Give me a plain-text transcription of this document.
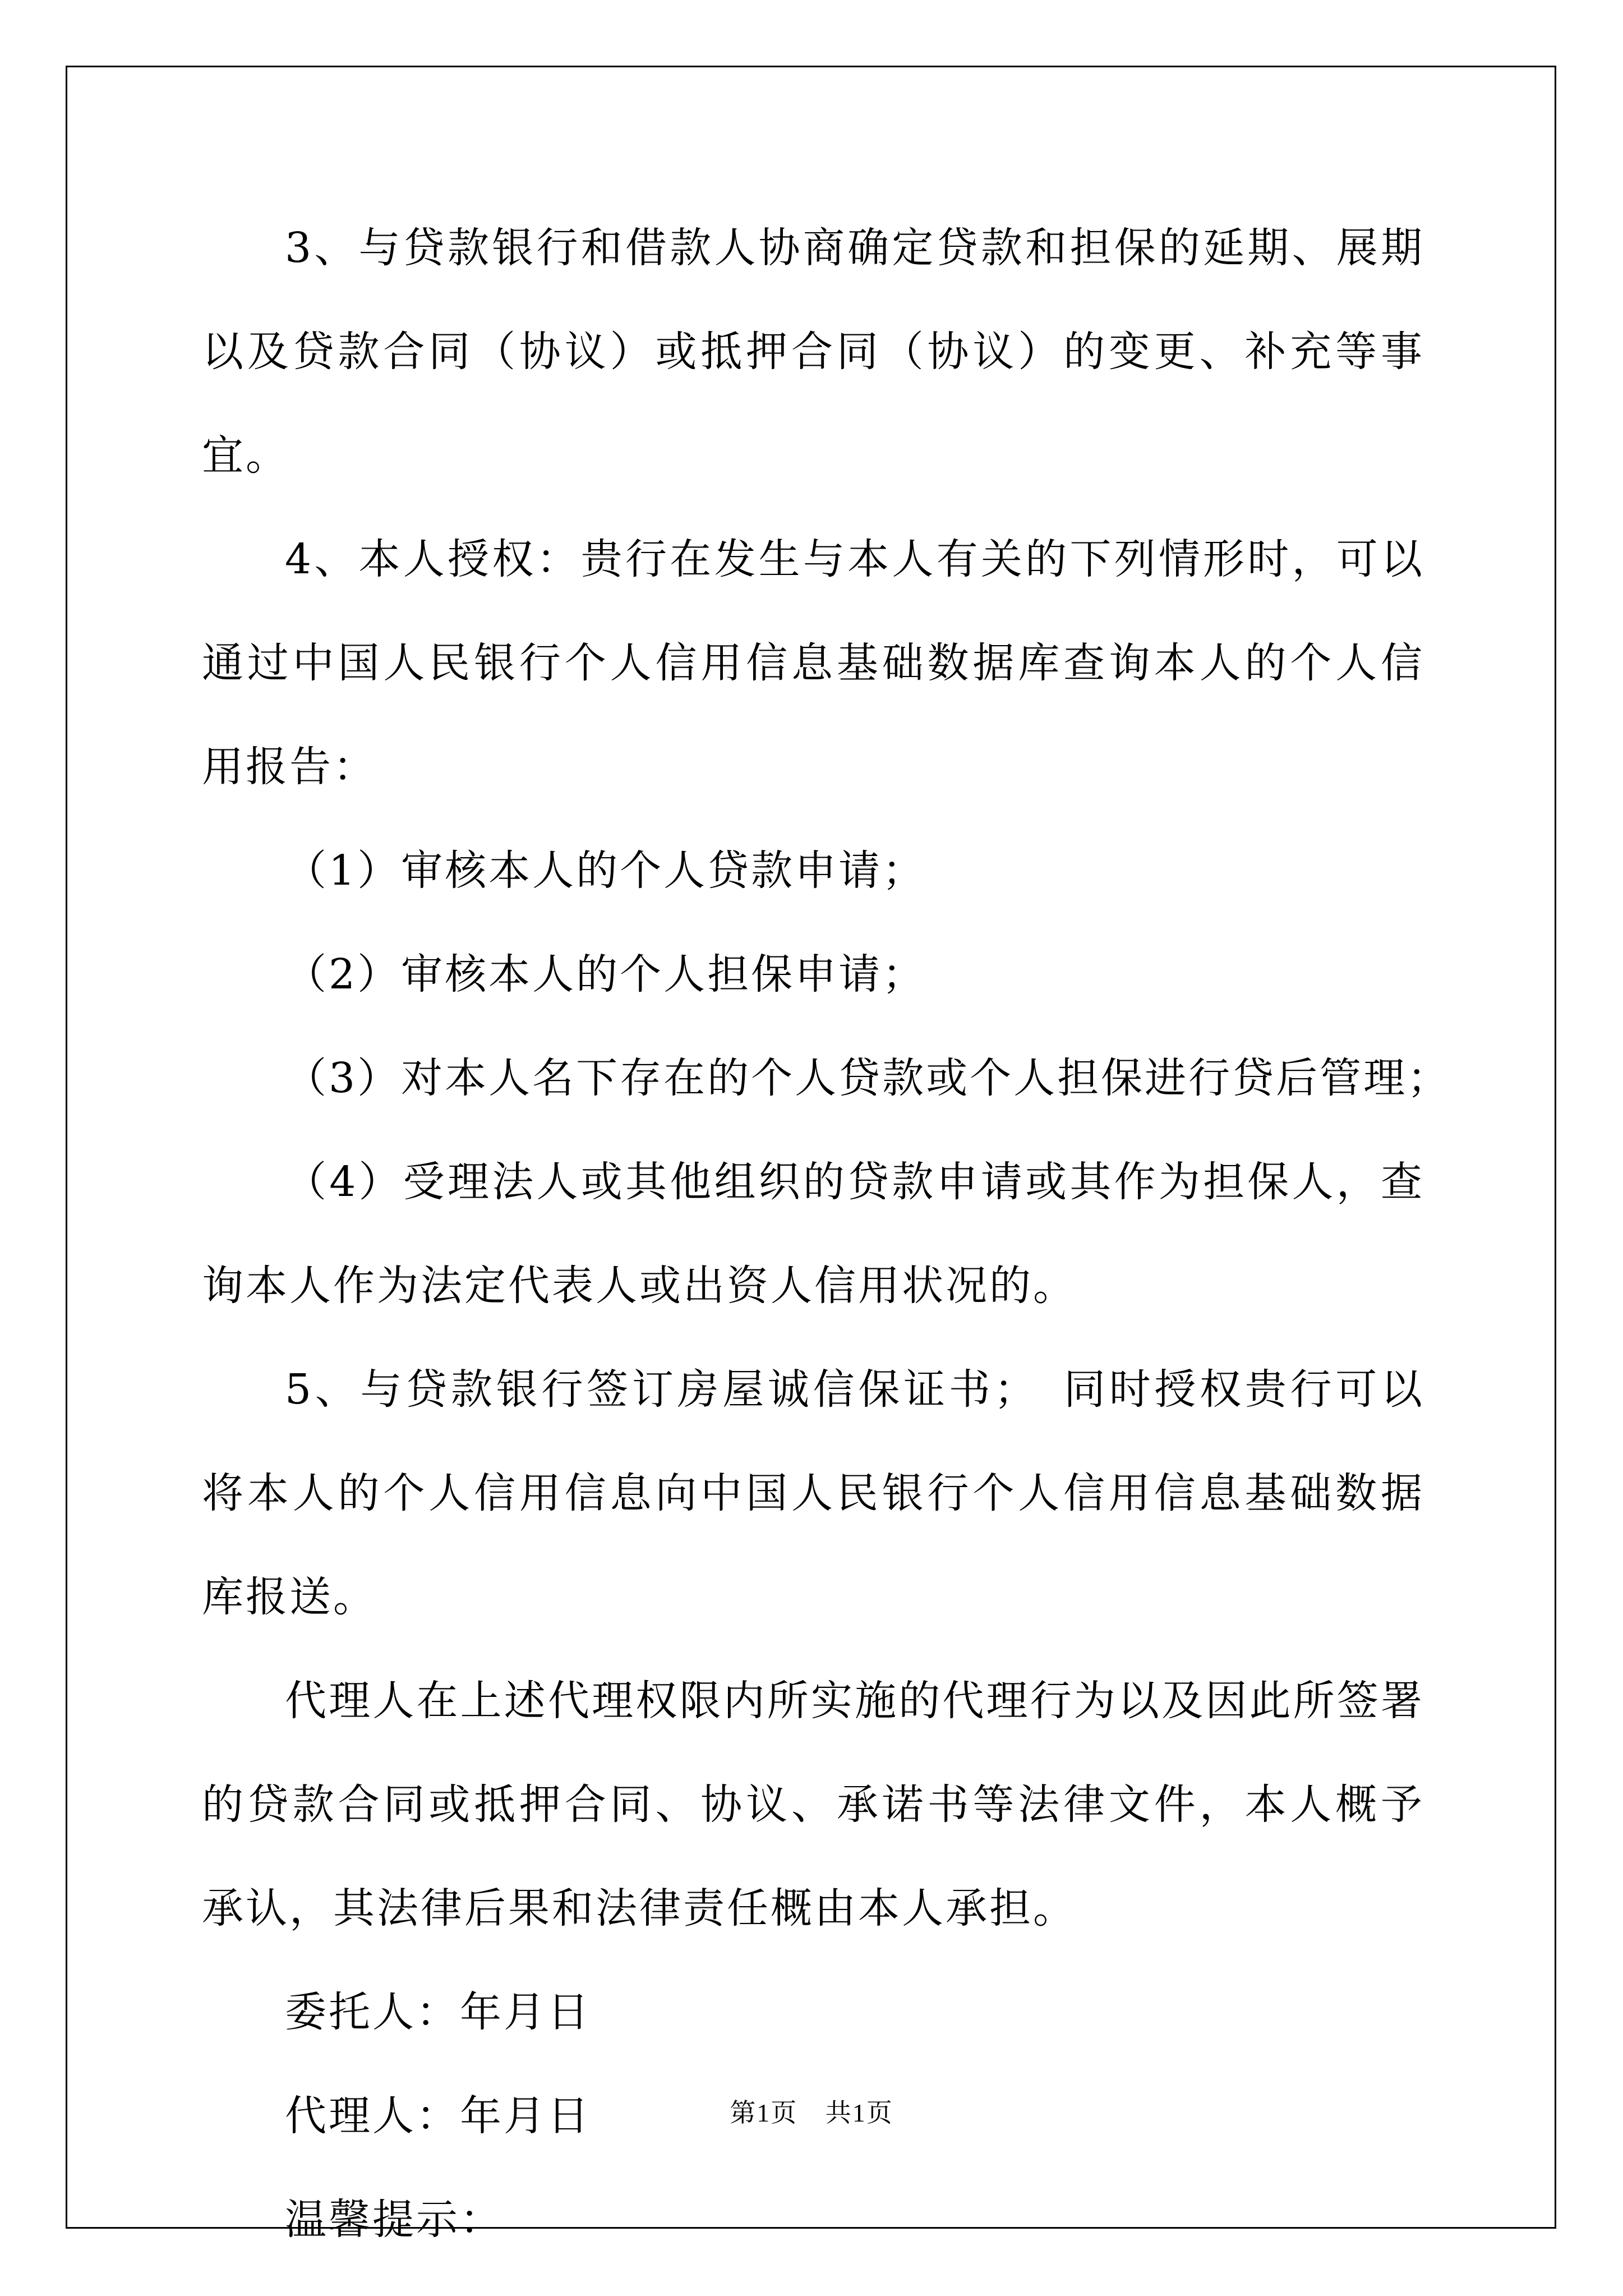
3、与贷款银行和借款人协商确定贷款和担保的延期、展期以及贷款合同（协议）或抵押合同（协议）的变更、补充等事宜。

4、本人授权：贵行在发生与本人有关的下列情形时，可以通过中国人民银行个人信用信息基础数据库查询本人的个人信用报告：

（1）审核本人的个人贷款申请；

（2）审核本人的个人担保申请；

（3）对本人名下存在的个人贷款或个人担保进行贷后管理；

（4）受理法人或其他组织的贷款申请或其作为担保人，查询本人作为法定代表人或出资人信用状况的。

5、与贷款银行签订房屋诚信保证书；　同时授权贵行可以将本人的个人信用信息向中国人民银行个人信用信息基础数据库报送。

代理人在上述代理权限内所实施的代理行为以及因此所签署的贷款合同或抵押合同、协议、承诺书等法律文件，本人概予承认，其法律后果和法律责任概由本人承担。

委托人：年月日

代理人：年月日

温馨提示：

第1页 共1页
